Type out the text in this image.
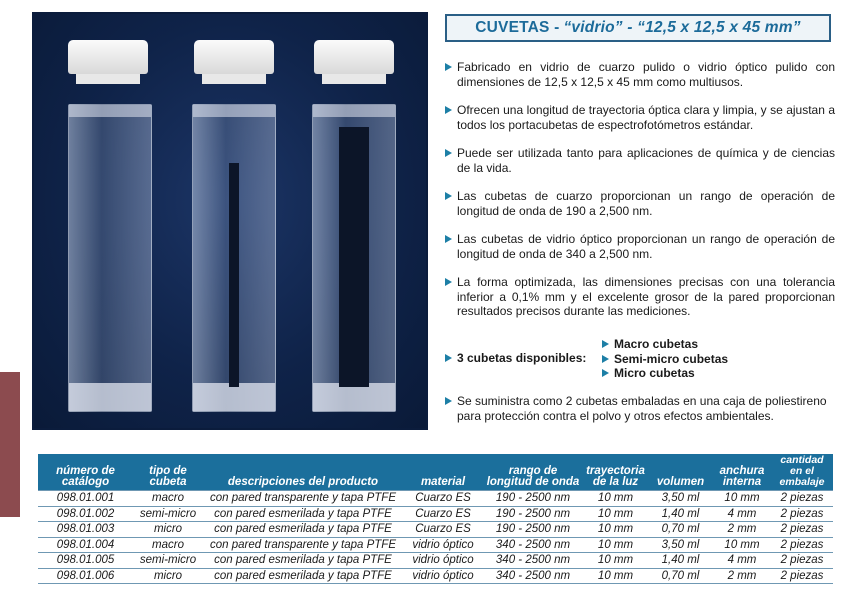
CUVETAS - “vidrio” - “12,5 x 12,5 x 45 mm”
Fabricado en vidrio de cuarzo pulido o vidrio óptico pulido con dimensiones de 12,5 x 12,5 x 45 mm como multiusos.
Ofrecen una longitud de trayectoria óptica clara y limpia, y se ajustan a todos los portacubetas de espectrofotómetros estándar.
Puede ser utilizada tanto para aplicaciones de química y de ciencias de la vida.
Las cubetas de cuarzo proporcionan un rango de operación de longitud de onda de 190 a 2,500 nm.
Las cubetas de vidrio óptico proporcionan un rango de operación de longitud de onda de 340 a 2,500 nm.
La forma optimizada, las dimensiones precisas con una tolerancia inferior a 0,1% mm y el excelente grosor de la pared proporcionan resultados precisos durante las mediciones.
3 cubetas disponibles:
Macro cubetas
Semi-micro cubetas
Micro cubetas
Se suministra como 2 cubetas embaladas en una caja de poliestireno para protección contra el polvo y otros efectos ambientales.
número de catálogo	tipo de cubeta	descripciones del producto	material	rango de longitud de onda	trayectoria de la luz	volumen	anchura interna	cantidad en el embalaje
098.01.001	macro	con pared transparente y tapa PTFE	Cuarzo ES	190 - 2500 nm	10 mm	3,50 ml	10 mm	2 piezas
098.01.002	semi-micro	con pared esmerilada y tapa PTFE	Cuarzo ES	190 - 2500 nm	10 mm	1,40 ml	4 mm	2 piezas
098.01.003	micro	con pared esmerilada y tapa PTFE	Cuarzo ES	190 - 2500 nm	10 mm	0,70 ml	2 mm	2 piezas
098.01.004	macro	con pared transparente y tapa PTFE	vidrio óptico	340 - 2500 nm	10 mm	3,50 ml	10 mm	2 piezas
098.01.005	semi-micro	con pared esmerilada y tapa PTFE	vidrio óptico	340 - 2500 nm	10 mm	1,40 ml	4 mm	2 piezas
098.01.006	micro	con pared esmerilada y tapa PTFE	vidrio óptico	340 - 2500 nm	10 mm	0,70 ml	2 mm	2 piezas
